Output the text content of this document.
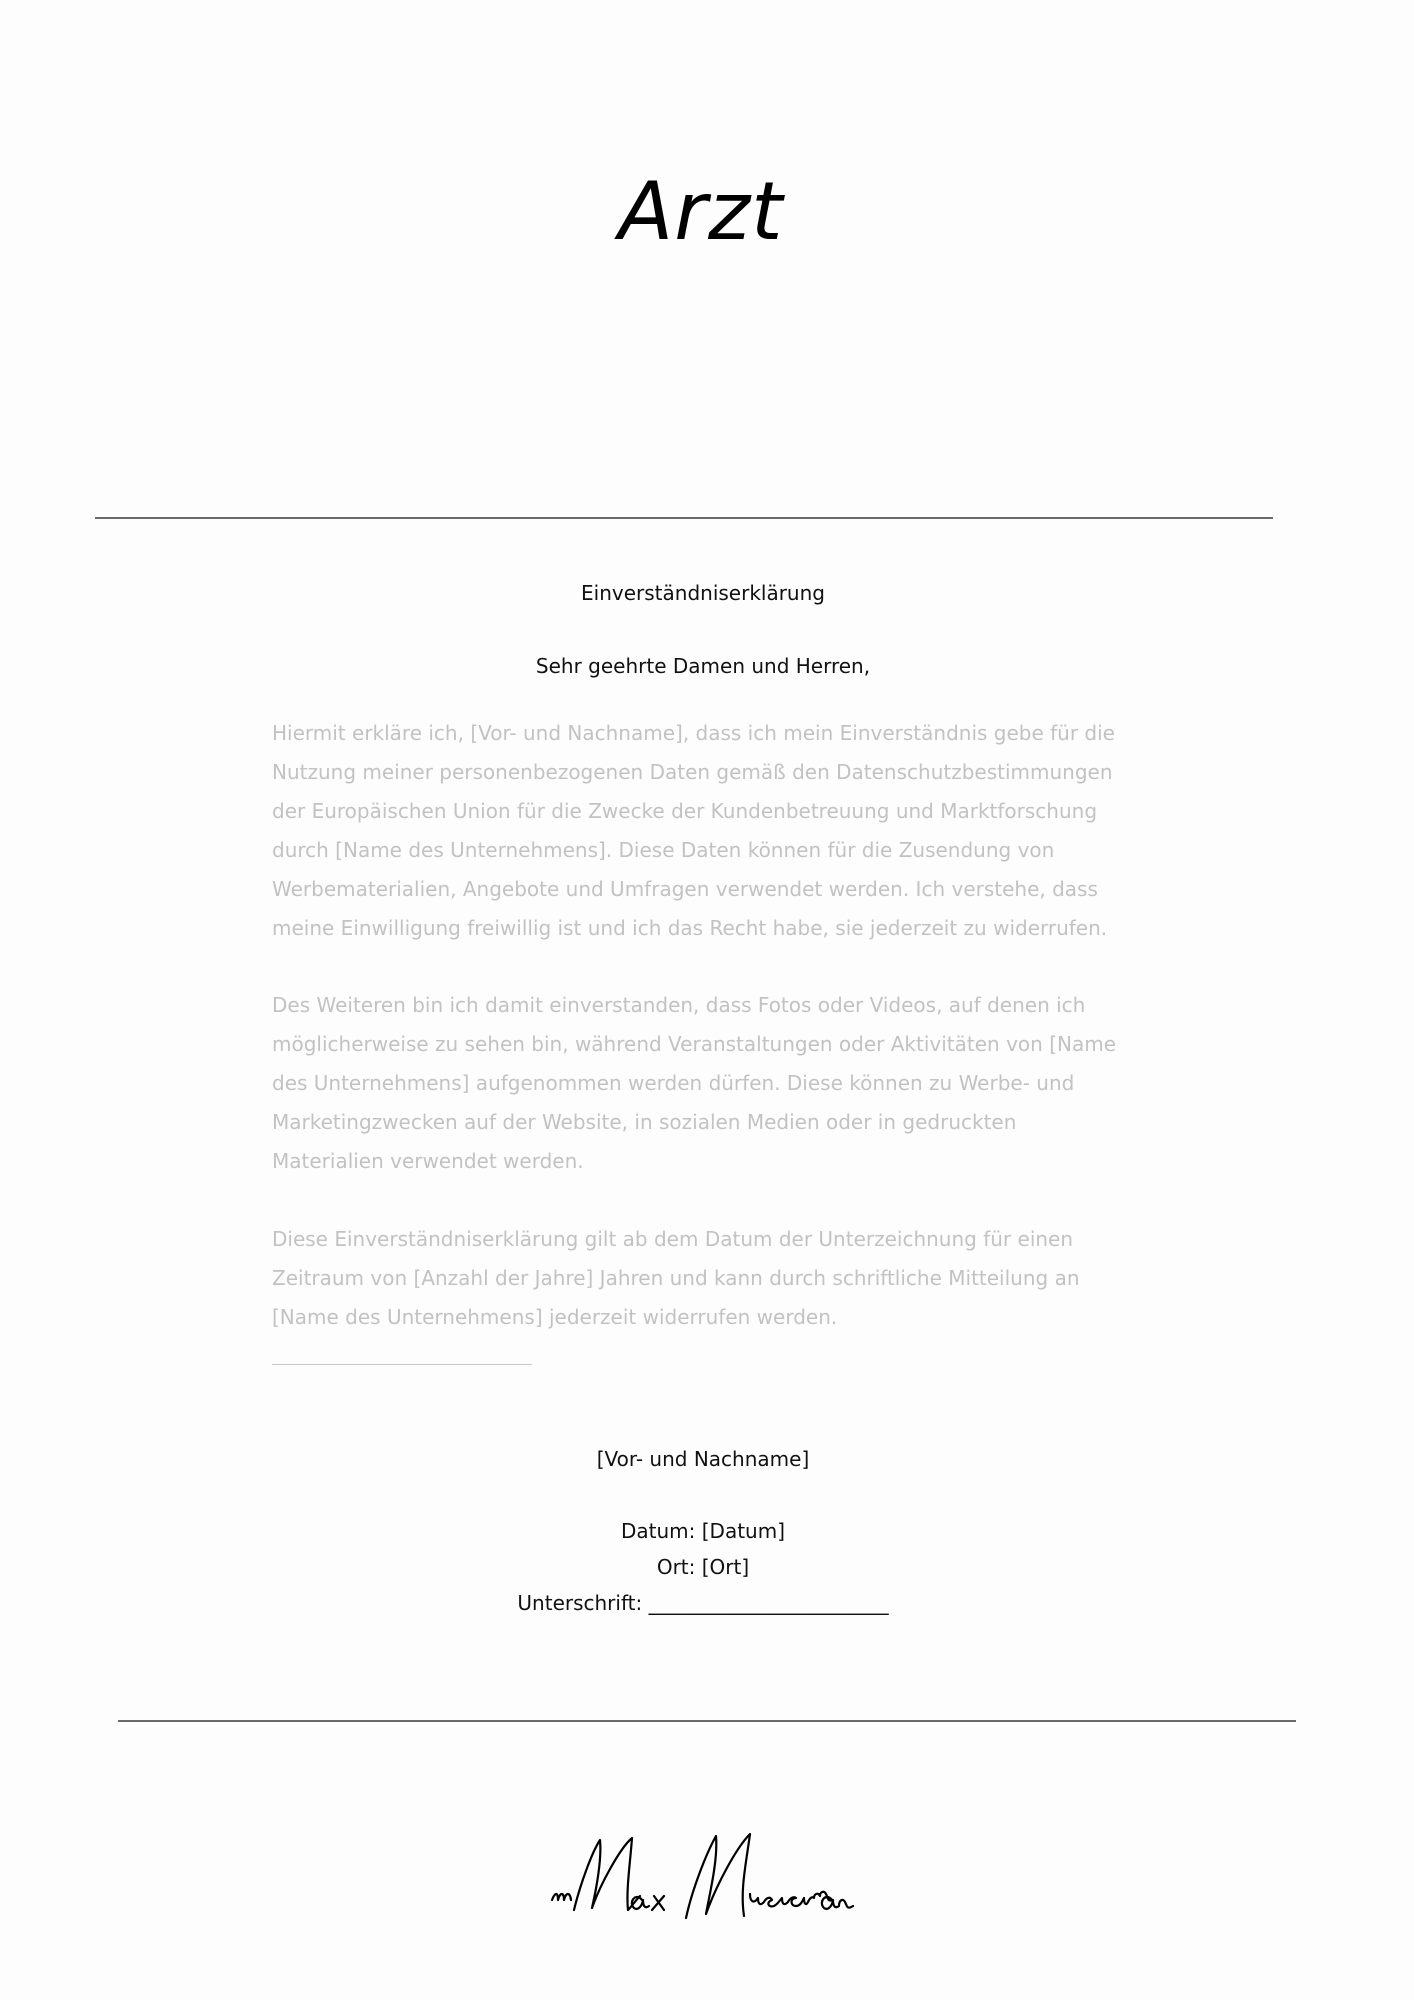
Arzt
Einverständniserklärung
Sehr geehrte Damen und Herren,

Hiermit erkläre ich, [Vor- und Nachname], dass ich mein Einverständnis gebe für die
Nutzung meiner personenbezogenen Daten gemäß den Datenschutzbestimmungen
der Europäischen Union für die Zwecke der Kundenbetreuung und Marktforschung
durch [Name des Unternehmens]. Diese Daten können für die Zusendung von
Werbematerialien, Angebote und Umfragen verwendet werden. Ich verstehe, dass
meine Einwilligung freiwillig ist und ich das Recht habe, sie jederzeit zu widerrufen.

Des Weiteren bin ich damit einverstanden, dass Fotos oder Videos, auf denen ich
möglicherweise zu sehen bin, während Veranstaltungen oder Aktivitäten von [Name
des Unternehmens] aufgenommen werden dürfen. Diese können zu Werbe- und
Marketingzwecken auf der Website, in sozialen Medien oder in gedruckten
Materialien verwendet werden.

Diese Einverständniserklärung gilt ab dem Datum der Unterzeichnung für einen
Zeitraum von [Anzahl der Jahre] Jahren und kann durch schriftliche Mitteilung an
[Name des Unternehmens] jederzeit widerrufen werden.

[Vor- und Nachname]
Datum: [Datum]
Ort: [Ort]
Unterschrift: ________________________
